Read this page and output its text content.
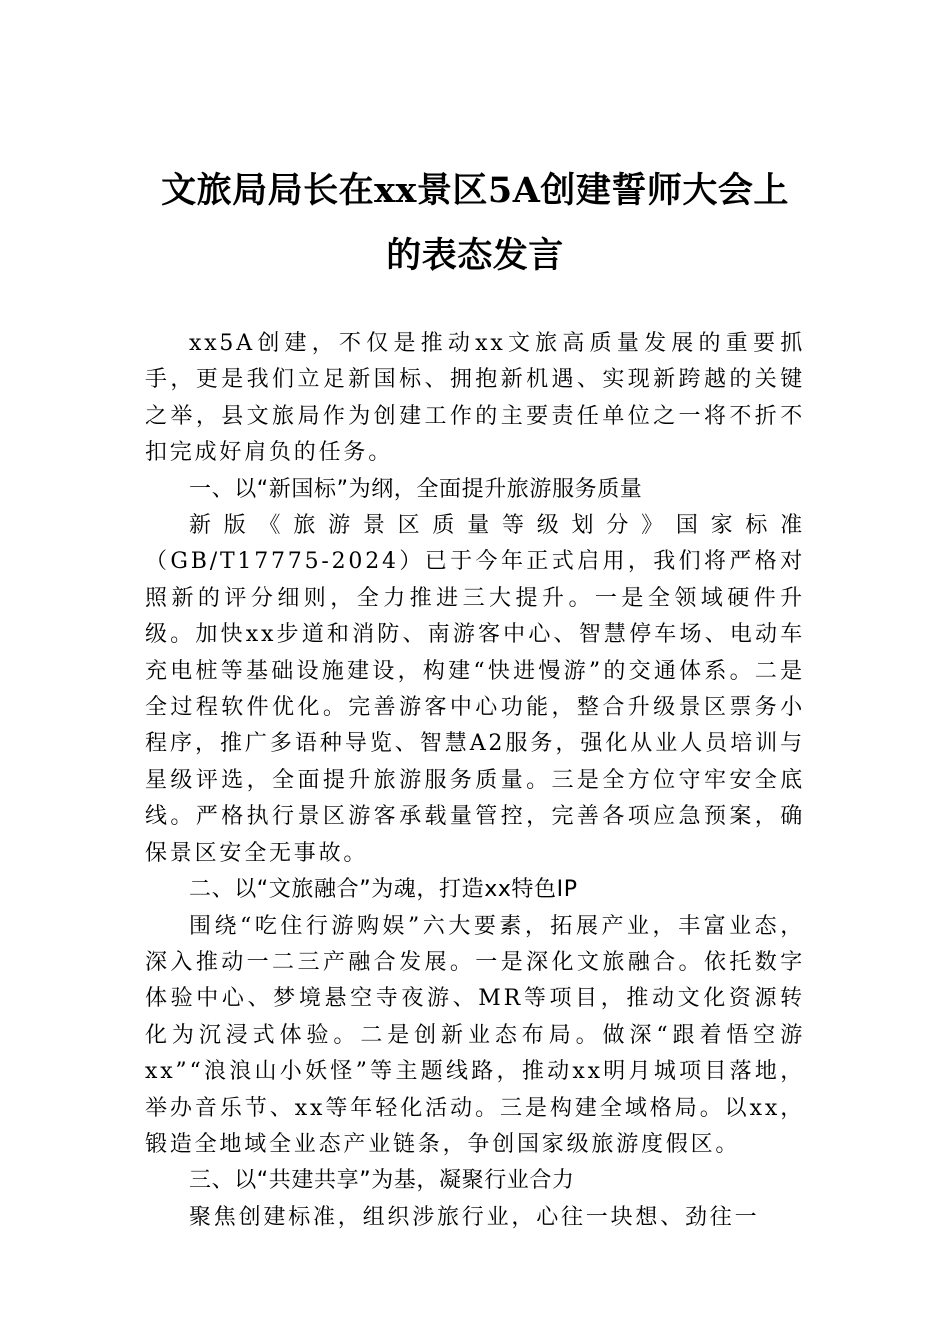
文旅局局长在xx景区5A创建誓师大会上
的表态发言

xx5A创建，不仅是推动xx文旅高质量发展的重要抓手，更是我们立足新国标、拥抱新机遇、实现新跨越的关键之举，县文旅局作为创建工作的主要责任单位之一将不折不扣完成好肩负的任务。

一、以“新国标”为纲，全面提升旅游服务质量

新版《旅游景区质量等级划分》国家标准（GB/T17775-2024）已于今年正式启用，我们将严格对照新的评分细则，全力推进三大提升。一是全领域硬件升级。加快xx步道和消防、南游客中心、智慧停车场、电动车充电桩等基础设施建设，构建“快进慢游”的交通体系。二是全过程软件优化。完善游客中心功能，整合升级景区票务小程序，推广多语种导览、智慧A2服务，强化从业人员培训与星级评选，全面提升旅游服务质量。三是全方位守牢安全底线。严格执行景区游客承载量管控，完善各项应急预案，确保景区安全无事故。

二、以“文旅融合”为魂，打造xx特色IP

围绕“吃住行游购娱”六大要素，拓展产业，丰富业态，深入推动一二三产融合发展。一是深化文旅融合。依托数字体验中心、梦境悬空寺夜游、MR等项目，推动文化资源转化为沉浸式体验。二是创新业态布局。做深“跟着悟空游xx”“浪浪山小妖怪”等主题线路，推动xx明月城项目落地，举办音乐节、xx等年轻化活动。三是构建全域格局。以xx，锻造全地域全业态产业链条，争创国家级旅游度假区。

三、以“共建共享”为基，凝聚行业合力

聚焦创建标准，组织涉旅行业，心往一块想、劲往一
